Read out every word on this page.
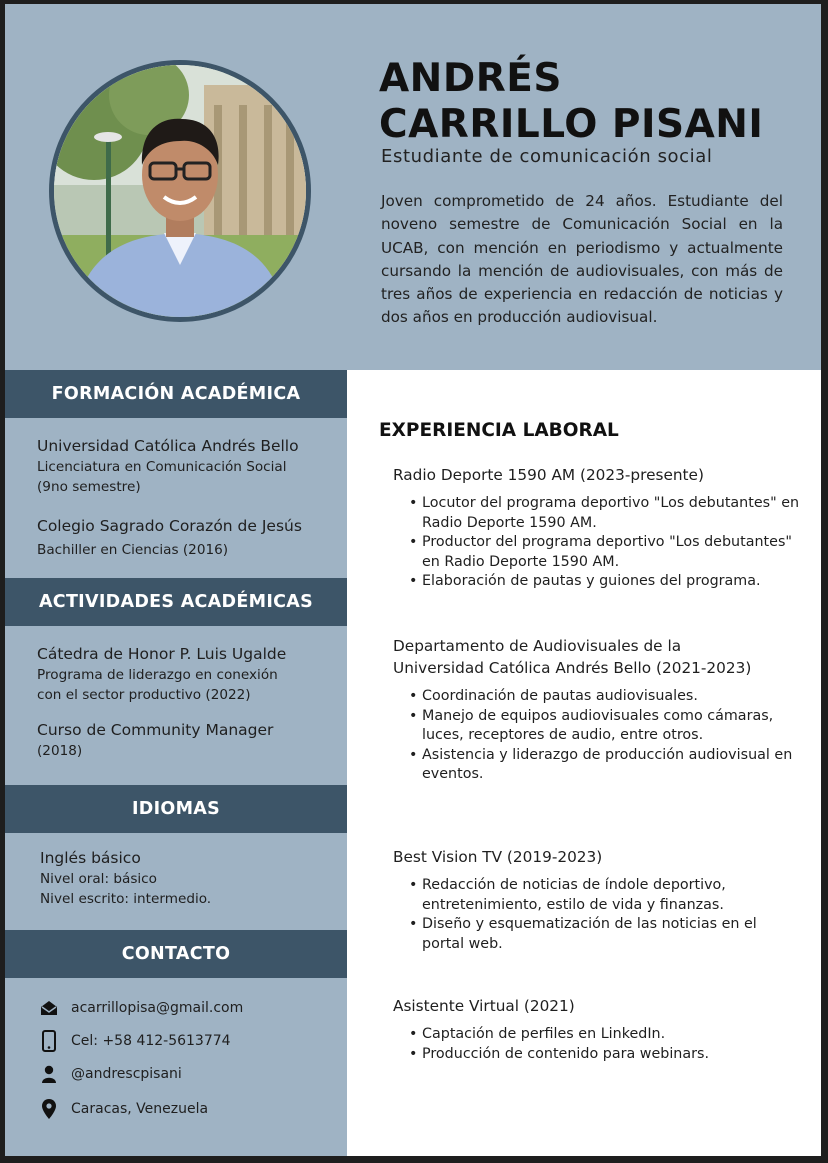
ANDRÉS
CARRILLO PISANI
Estudiante de comunicación social
Joven comprometido de 24 años. Estudiante del noveno semestre de Comunicación Social en la UCAB, con mención en periodismo y actualmente cursando la mención de audiovisuales, con más de tres años de experiencia en redacción de noticias y dos años en producción audiovisual.
FORMACIÓN ACADÉMICA
Universidad Católica Andrés Bello
Licenciatura en Comunicación Social
(9no semestre)
Colegio Sagrado Corazón de Jesús
Bachiller en Ciencias (2016)
ACTIVIDADES ACADÉMICAS
Cátedra de Honor P. Luis Ugalde
Programa de liderazgo en conexión
con el sector productivo (2022)
Curso de Community Manager
(2018)
IDIOMAS
Inglés básico
Nivel oral: básico
Nivel escrito: intermedio.
CONTACTO
acarrillopisa@gmail.com
Cel: +58 412-5613774
@andrescpisani
Caracas, Venezuela
EXPERIENCIA LABORAL
Radio Deporte 1590 AM (2023-presente)
• Locutor del programa deportivo "Los debutantes" en Radio Deporte 1590 AM.
• Productor del programa deportivo "Los debutantes" en Radio Deporte 1590 AM.
• Elaboración de pautas y guiones del programa.
Departamento de Audiovisuales de la
Universidad Católica Andrés Bello (2021-2023)
• Coordinación de pautas audiovisuales.
• Manejo de equipos audiovisuales como cámaras, luces, receptores de audio, entre otros.
• Asistencia y liderazgo de producción audiovisual en eventos.
Best Vision TV (2019-2023)
• Redacción de noticias de índole deportivo, entretenimiento, estilo de vida y finanzas.
• Diseño y esquematización de las noticias en el portal web.
Asistente Virtual (2021)
• Captación de perfiles en LinkedIn.
• Producción de contenido para webinars.
